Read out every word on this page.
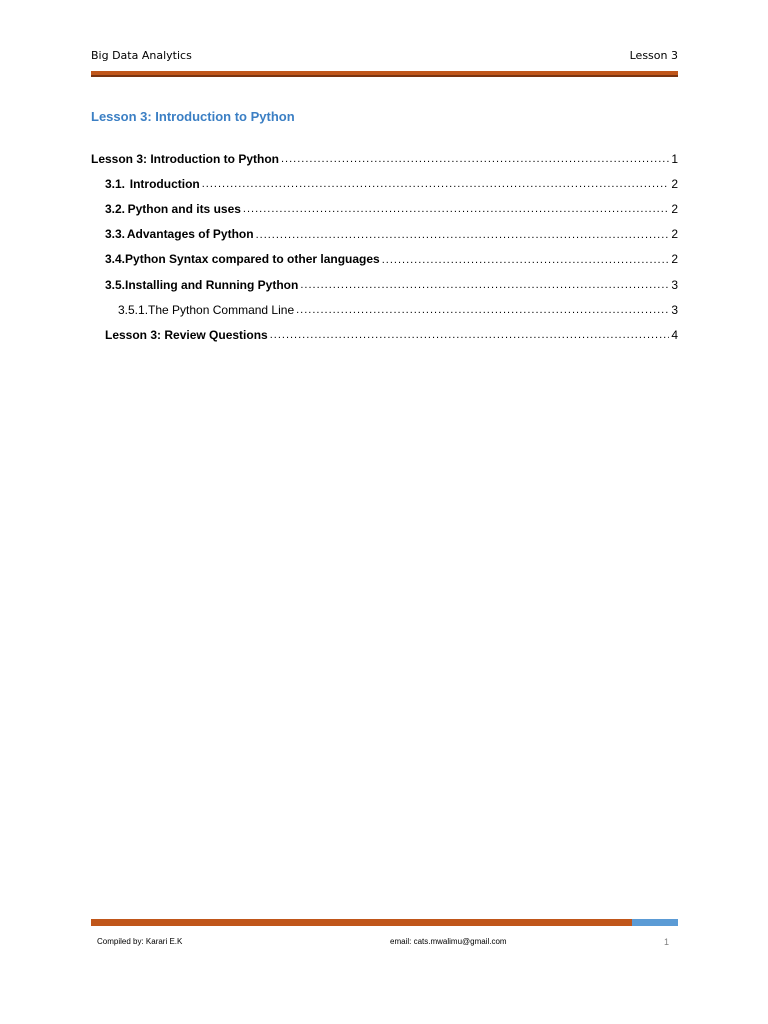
Big Data Analytics	Lesson 3
Lesson 3: Introduction to Python
Lesson 3: Introduction to Python .....	1
3.1. Introduction .....	2
3.2. Python and its uses .....	2
3.3. Advantages of Python .....	2
3.4. Python Syntax compared to other languages .....	2
3.5. Installing and Running Python .....	3
3.5.1. The Python Command Line .....	3
Lesson 3: Review Questions .....	4
Compiled by: Karari E.K	email: cats.mwalimu@gmail.com	1
